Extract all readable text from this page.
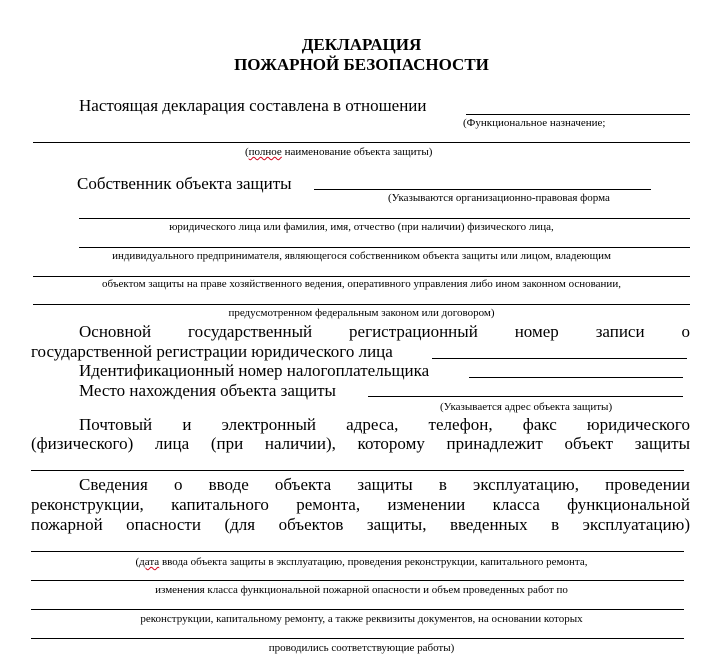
ДЕКЛАРАЦИЯ
ПОЖАРНОЙ БЕЗОПАСНОСТИ
Настоящая декларация составлена в отношении
(Функциональное назначение;
(полное наименование объекта защиты)
Собственник объекта защиты
(Указываются организационно-правовая форма
юридического лица или фамилия, имя, отчество (при наличии) физического лица,
индивидуального предпринимателя, являющегося собственником объекта защиты или лицом, владеющим
объектом защиты на праве хозяйственного ведения, оперативного управления либо ином законном основании,
предусмотренном федеральным законом или договором)
Основной государственный регистрационный номер записи о
государственной регистрации юридического лица
Идентификационный номер налогоплательщика
Место нахождения объекта защиты
(Указывается адрес объекта защиты)
Почтовый и электронный адреса, телефон, факс юридического
(физического) лица (при наличии), которому принадлежит объект защиты
Сведения о вводе объекта защиты в эксплуатацию, проведении
реконструкции, капитального ремонта, изменении класса функциональной
пожарной опасности (для объектов защиты, введенных в эксплуатацию)
(дата ввода объекта защиты в эксплуатацию, проведения реконструкции, капитального ремонта,
изменения класса функциональной пожарной опасности и объем проведенных работ по
реконструкции, капитальному ремонту, а также реквизиты документов, на основании которых
проводились соответствующие работы)
